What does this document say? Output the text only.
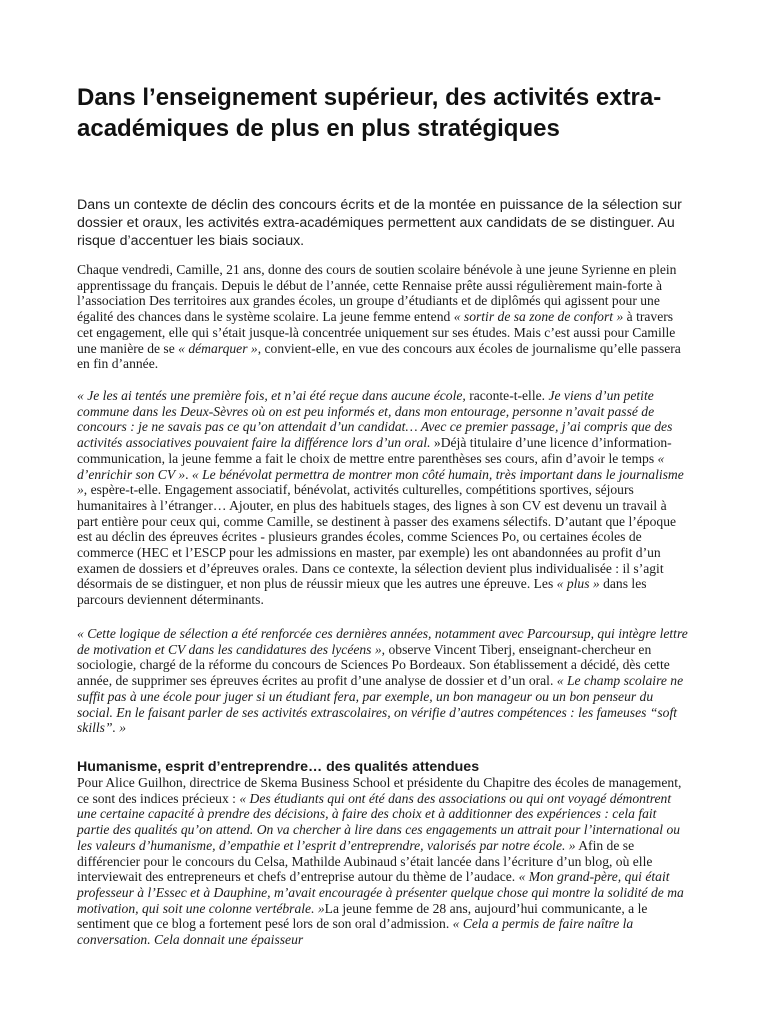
Dans l’enseignement supérieur, des activités extra-académiques de plus en plus stratégiques

Dans un contexte de déclin des concours écrits et de la montée en puissance de la sélection sur dossier et oraux, les activités extra-académiques permettent aux candidats de se distinguer. Au risque d’accentuer les biais sociaux.

Chaque vendredi, Camille, 21 ans, donne des cours de soutien scolaire bénévole à une jeune Syrienne en plein apprentissage du français. Depuis le début de l’année, cette Rennaise prête aussi régulièrement main-forte à l’association Des territoires aux grandes écoles, un groupe d’étudiants et de diplômés qui agissent pour une égalité des chances dans le système scolaire. La jeune femme entend « sortir de sa zone de confort » à travers cet engagement, elle qui s’était jusque-là concentrée uniquement sur ses études. Mais c’est aussi pour Camille une manière de se « démarquer », convient-elle, en vue des concours aux écoles de journalisme qu’elle passera en fin d’année.

« Je les ai tentés une première fois, et n’ai été reçue dans aucune école, raconte-t-elle. Je viens d’un petite commune dans les Deux-Sèvres où on est peu informés et, dans mon entourage, personne n’avait passé de concours : je ne savais pas ce qu’on attendait d’un candidat… Avec ce premier passage, j’ai compris que des activités associatives pouvaient faire la différence lors d’un oral. »Déjà titulaire d’une licence d’information-communication, la jeune femme a fait le choix de mettre entre parenthèses ses cours, afin d’avoir le temps « d’enrichir son CV ». « Le bénévolat permettra de montrer mon côté humain, très important dans le journalisme », espère-t-elle. Engagement associatif, bénévolat, activités culturelles, compétitions sportives, séjours humanitaires à l’étranger… Ajouter, en plus des habituels stages, des lignes à son CV est devenu un travail à part entière pour ceux qui, comme Camille, se destinent à passer des examens sélectifs. D’autant que l’époque est au déclin des épreuves écrites - plusieurs grandes écoles, comme Sciences Po, ou certaines écoles de commerce (HEC et l’ESCP pour les admissions en master, par exemple) les ont abandonnées au profit d’un examen de dossiers et d’épreuves orales. Dans ce contexte, la sélection devient plus individualisée : il s’agit désormais de se distinguer, et non plus de réussir mieux que les autres une épreuve. Les « plus » dans les parcours deviennent déterminants.

« Cette logique de sélection a été renforcée ces dernières années, notamment avec Parcoursup, qui intègre lettre de motivation et CV dans les candidatures des lycéens », observe Vincent Tiberj, enseignant-chercheur en sociologie, chargé de la réforme du concours de Sciences Po Bordeaux. Son établissement a décidé, dès cette année, de supprimer ses épreuves écrites au profit d’une analyse de dossier et d’un oral. « Le champ scolaire ne suffit pas à une école pour juger si un étudiant fera, par exemple, un bon manageur ou un bon penseur du social. En le faisant parler de ses activités extrascolaires, on vérifie d’autres compétences : les fameuses “soft skills”. »

Humanisme, esprit d’entreprendre… des qualités attendues
Pour Alice Guilhon, directrice de Skema Business School et présidente du Chapitre des écoles de management, ce sont des indices précieux : « Des étudiants qui ont été dans des associations ou qui ont voyagé démontrent une certaine capacité à prendre des décisions, à faire des choix et à additionner des expériences : cela fait partie des qualités qu’on attend. On va chercher à lire dans ces engagements un attrait pour l’international ou les valeurs d’humanisme, d’empathie et l’esprit d’entreprendre, valorisés par notre école. » Afin de se différencier pour le concours du Celsa, Mathilde Aubinaud s’était lancée dans l’écriture d’un blog, où elle interviewait des entrepreneurs et chefs d’entreprise autour du thème de l’audace. « Mon grand-père, qui était professeur à l’Essec et à Dauphine, m’avait encouragée à présenter quelque chose qui montre la solidité de ma motivation, qui soit une colonne vertébrale. »La jeune femme de 28 ans, aujourd’hui communicante, a le sentiment que ce blog a fortement pesé lors de son oral d’admission. « Cela a permis de faire naître la conversation. Cela donnait une épaisseur
